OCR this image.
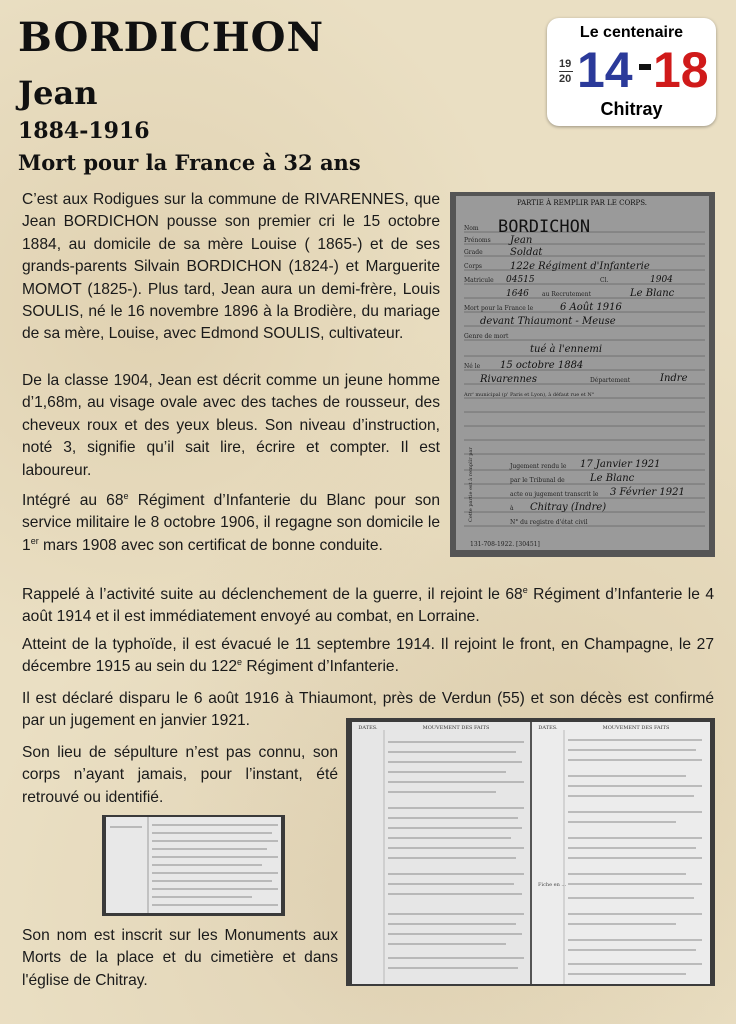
BORDICHON
Jean
1884-1916
Mort pour la France à 32 ans
Le centenaire
19
20 14 18
Chitray

C’est aux Rodigues sur la commune de RIVARENNES, que Jean BORDICHON pousse son premier cri le 15 octobre 1884, au domicile de sa mère Louise ( 1865-) et de ses grands-parents Silvain BORDICHON (1824-) et Marguerite MOMOT (1825-). Plus tard, Jean aura un demi-frère, Louis SOULIS, né le 16 novembre 1896 à la Brodière, du mariage de sa mère, Louise, avec Edmond SOULIS, cultivateur.

De la classe 1904, Jean est décrit comme un jeune homme d’1,68m, au visage ovale avec des taches de rousseur, des cheveux roux et des yeux bleus. Son niveau d’instruction, noté 3, signifie qu’il sait lire, écrire et compter. Il est laboureur.

Intégré au 68e Régiment d’Infanterie du Blanc pour son service militaire le 8 octobre 1906, il regagne son domicile le 1er mars 1908 avec son certificat de bonne conduite.

Rappelé à l’activité suite au déclenchement de la guerre, il rejoint le 68e Régiment d’Infanterie le 4 août 1914 et il est immédiatement envoyé au combat, en Lorraine.

Atteint de la typhoïde, il est évacué le 11 septembre 1914. Il rejoint le front, en Champagne, le 27 décembre 1915 au sein du 122e Régiment d’Infanterie.

Il est déclaré disparu le 6 août 1916 à Thiaumont, près de Verdun (55) et son décès est confirmé par un jugement en janvier 1921.

Son lieu de sépulture n’est pas connu, son corps n’ayant jamais, pour l’instant, été retrouvé ou identifié.

Son nom est inscrit sur les Monuments aux Morts de la place et du cimetière et dans l'église de Chitray.

PARTIE À REMPLIR PAR LE CORPS.
Nom BORDICHON
Prénoms Jean
Grade	Soldat
Corps	122e Régiment d'Infanterie
Matricule 04515	Cl.	1904
1646 au Recrutement	Le Blanc
Mort pour la France le	6 Août 1916
devant Thiaumont - Meuse
Genre de mort
tué à l'ennemi
Né le 15 octobre 1884
Rivarennes	Département	Indre
Arr' municipal (p' Paris et Lyon), à défaut rue et N°
Jugement rendu le 17 Janvier 1921
par le Tribunal de	Le Blanc
acte ou jugement transcrit le 3 Février 1921
à Chitray (Indre)
N° du registre d'état civil
Cette partie est à remplir par
131-708-1922. [30451]
DATES.	MOUVEMENT DES FAITS	DATES.	MOUVEMENT DES FAITS
Fiche en ...
